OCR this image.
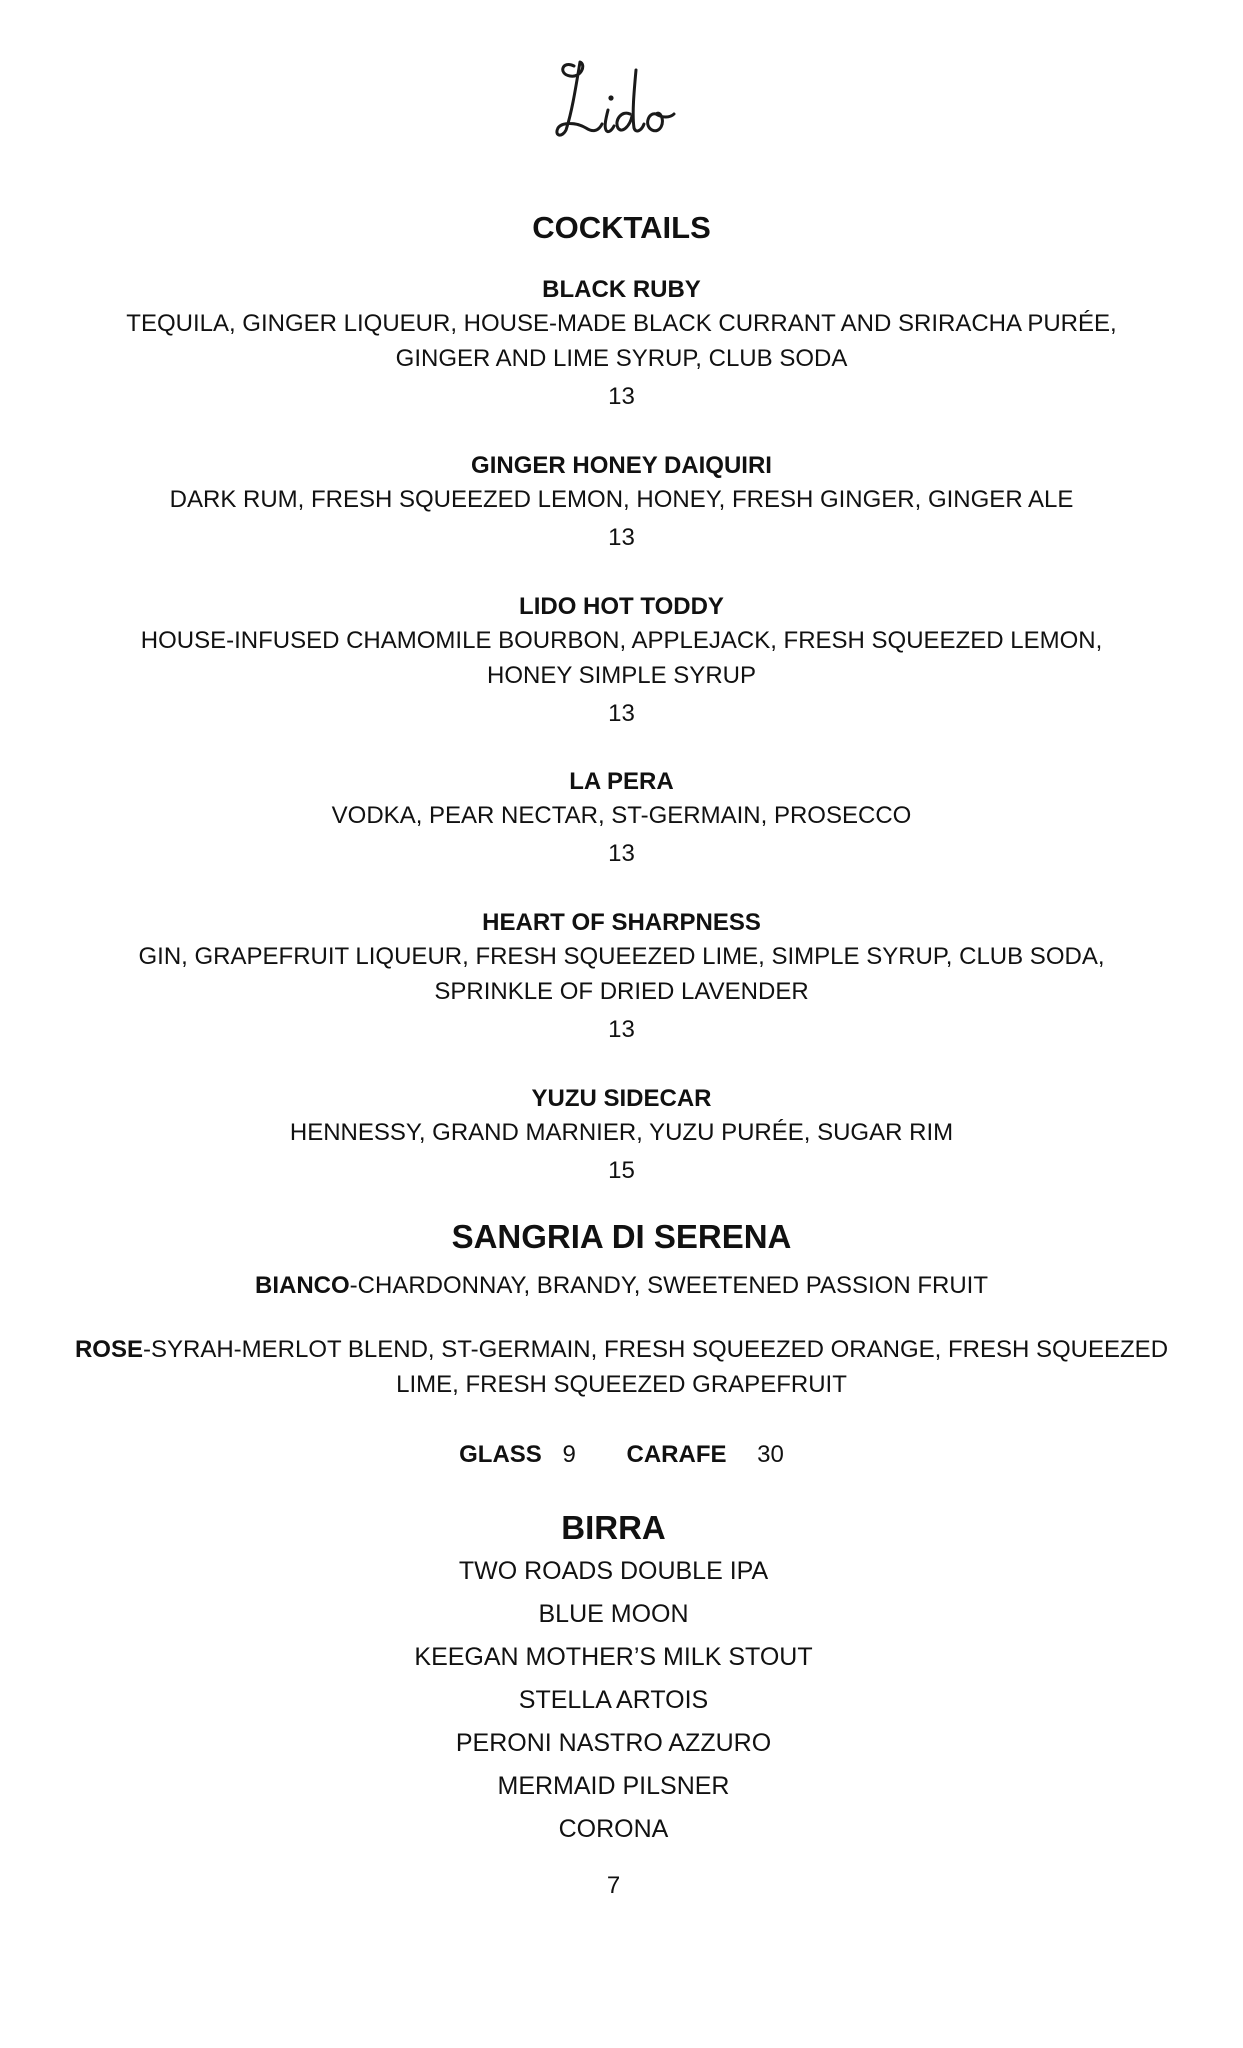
COCKTAILS
BLACK RUBY
TEQUILA, GINGER LIQUEUR, HOUSE-MADE BLACK CURRANT AND SRIRACHA PURÉE,
GINGER AND LIME SYRUP, CLUB SODA
13
GINGER HONEY DAIQUIRI
DARK RUM, FRESH SQUEEZED LEMON, HONEY, FRESH GINGER, GINGER ALE
13
LIDO HOT TODDY
HOUSE-INFUSED CHAMOMILE BOURBON, APPLEJACK, FRESH SQUEEZED LEMON,
HONEY SIMPLE SYRUP
13
LA PERA
VODKA, PEAR NECTAR, ST-GERMAIN, PROSECCO
13
HEART OF SHARPNESS
GIN, GRAPEFRUIT LIQUEUR, FRESH SQUEEZED LIME, SIMPLE SYRUP, CLUB SODA,
SPRINKLE OF DRIED LAVENDER
13
YUZU SIDECAR
HENNESSY, GRAND MARNIER, YUZU PURÉE, SUGAR RIM
15
SANGRIA DI SERENA
BIANCO-CHARDONNAY, BRANDY, SWEETENED PASSION FRUIT
ROSE-SYRAH-MERLOT BLEND, ST-GERMAIN, FRESH SQUEEZED ORANGE, FRESH SQUEEZED
LIME, FRESH SQUEEZED GRAPEFRUIT
GLASS 9 CARAFE 30
BIRRA
TWO ROADS DOUBLE IPA
BLUE MOON
KEEGAN MOTHER’S MILK STOUT
STELLA ARTOIS
PERONI NASTRO AZZURO
MERMAID PILSNER
CORONA
7
